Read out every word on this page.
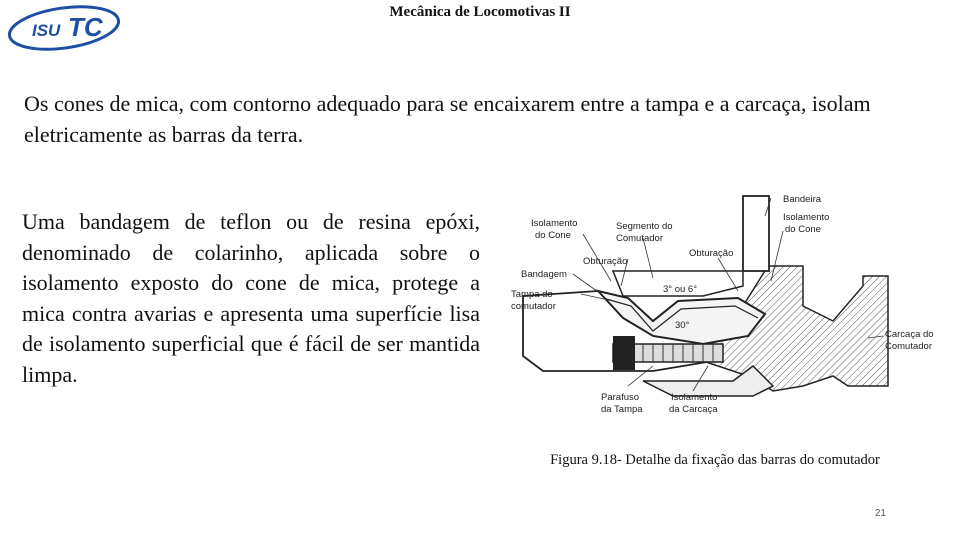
ISU TC	Mecânica de Locomotivas II
Os cones de mica, com contorno adequado para se encaixarem entre a tampa e a carcaça, isolam eletricamente as barras da terra.
Uma bandagem de teflon ou de resina epóxi, denominado de colarinho, aplicada sobre o isolamento exposto do cone de mica, protege a mica contra avarias e apresenta uma superfície lisa de isolamento superficial que é fácil de ser mantida limpa.
Isolamento
do Cone
Segmento do
Comutador
Bandeira
Isolamento
do Cone
Obturação
Obturação
Bandagem
Tampa do
comutador
3° ou 6°
30°
Carcaça do
Comutador
Parafuso
da Tampa
Isolamento
da Carcaça
Figura 9.18- Detalhe da fixação das barras do comutador
21
